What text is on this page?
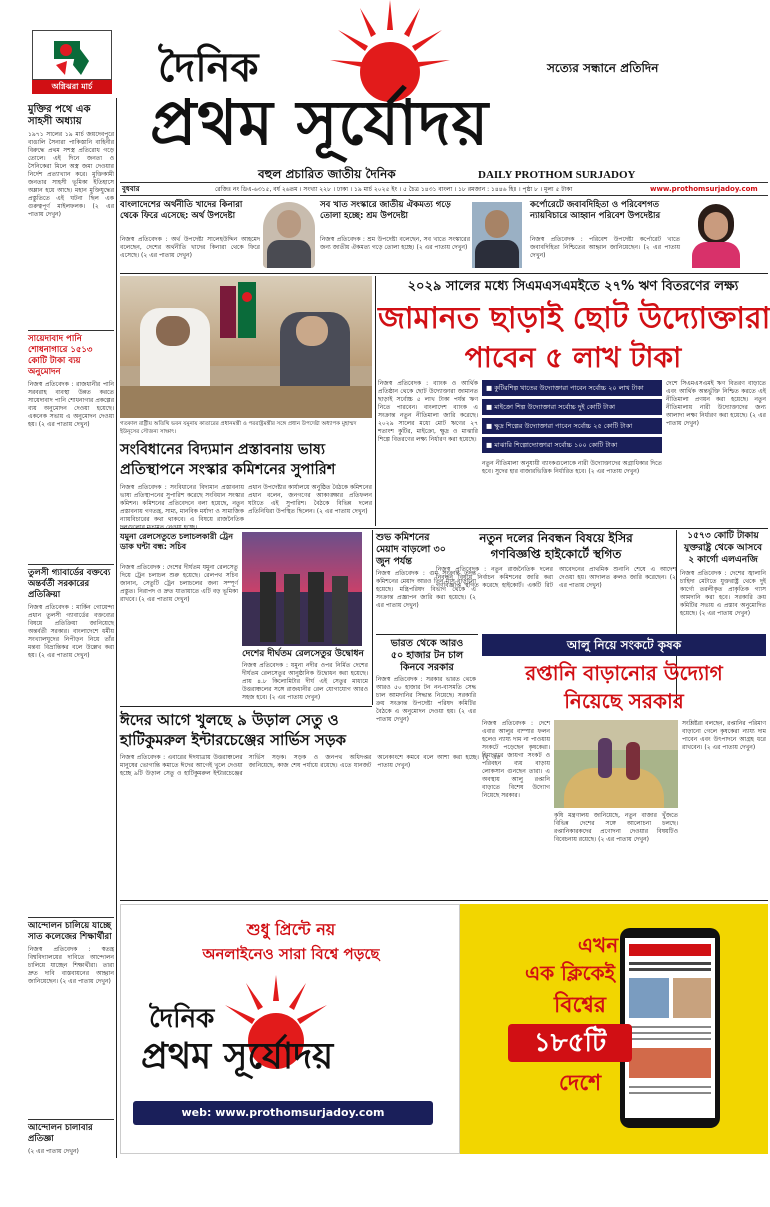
অগ্নিঝরা মার্চ	দৈনিক	সত্যের সন্ধানে প্রতিদিন
প্রথম সূর্যোদয়
বহুল প্রচারিত জাতীয় দৈনিক	DAILY PROTHOM SURJADOY
বুধবার	রেজিঃ নং ডিএ-৬৩১৫, বর্ষ ২৬তম । সংখ্যা ২২৮ । ঢাকা । ১৯ মার্চ ২০২৫ ইং । ৫ চৈত্র ১৪৩১ বাংলা । ১৮ রমজান : ১৪৪৬ হিঃ । পৃষ্ঠা ৮ । মূল্য ৫ টাকা	www.prothomsurjadoy.com
মুক্তির পথে এক সাহসী অধ্যায়
১৯৭১ সালের ১৯ মার্চ জয়দেবপুরে বাঙালি সৈন্যরা পাকিস্তানি বাহিনীর বিরুদ্ধে প্রথম সশস্ত্র প্রতিরোধ গড়ে তোলে। এই দিনে জনতা ও সৈনিকেরা মিলে অস্ত্র জমা দেওয়ার নির্দেশ প্রত্যাখ্যান করে। মুক্তিকামী জনতার সাহসী ভূমিকা ইতিহাসে অম্লান হয়ে আছে। মহান মুক্তিযুদ্ধের প্রস্তুতিতে এই ঘটনা ছিল এক গুরুত্বপূর্ণ মাইলফলক। (২ এর পাতায় দেখুন)
সায়েদাবাদ পানি শোধনাগারে ১৫১৩ কোটি টাকা ব্যয় অনুমোদন
নিজস্ব প্রতিবেদক : রাজধানীর পানি সরবরাহ ব্যবস্থা উন্নত করতে সায়েদাবাদ পানি শোধনাগার প্রকল্পের ব্যয় অনুমোদন দেওয়া হয়েছে। একনেক সভায় এ অনুমোদন দেওয়া হয়। (২ এর পাতায় দেখুন)
তুলসী গ্যাবার্ডের বক্তব্যে অন্তর্বর্তী সরকারের প্রতিক্রিয়া
নিজস্ব প্রতিবেদক : মার্কিন গোয়েন্দা প্রধান তুলসী গ্যাবার্ডের বক্তব্যের বিষয়ে প্রতিক্রিয়া জানিয়েছে অন্তর্বর্তী সরকার। বাংলাদেশে ধর্মীয় সংখ্যালঘুদের নিপীড়ন নিয়ে তাঁর মন্তব্য বিভ্রান্তিকর বলে উল্লেখ করা হয়। (২ এর পাতায় দেখুন)
আন্দোলন চালিয়ে যাচ্ছে সাত কলেজের শিক্ষার্থীরা
নিজস্ব প্রতিবেদক : স্বতন্ত্র বিশ্ববিদ্যালয়ের দাবিতে আন্দোলন চালিয়ে যাচ্ছেন শিক্ষার্থীরা। তারা দ্রুত দাবি বাস্তবায়নের আহ্বান জানিয়েছেন। (২ এর পাতায় দেখুন)
আন্দোলন চালাবার প্রতিজ্ঞা
(২ এর পাতায় দেখুন)
বাংলাদেশের অর্থনীতি খাদের কিনারা থেকে ফিরে এসেছে: অর্থ উপদেষ্টা
নিজস্ব প্রতিবেদক : অর্থ উপদেষ্টা সালেহউদ্দিন আহমেদ বলেছেন, দেশের অর্থনীতি খাদের কিনারা থেকে ফিরে এসেছে। (২ এর পাতায় দেখুন)
সব খাত সংস্কারে জাতীয় ঐকমত্য গড়ে তোলা হচ্ছে: শ্রম উপদেষ্টা
নিজস্ব প্রতিবেদক : শ্রম উপদেষ্টা বলেছেন, সব খাতে সংস্কারের জন্য জাতীয় ঐকমত্য গড়ে তোলা হচ্ছে। (২ এর পাতায় দেখুন)
কর্পোরেটে জবাবদিহিতা ও পরিবেশগত ন্যায়বিচারে আহ্বান পরিবেশ উপদেষ্টার
নিজস্ব প্রতিবেদক : পরিবেশ উপদেষ্টা কর্পোরেট খাতে জবাবদিহিতা নিশ্চিতের আহ্বান জানিয়েছেন। (২ এর পাতায় দেখুন)
গতকাল রাষ্ট্রীয় অতিথি ভবন যমুনায় কাতারের প্রধানমন্ত্রী ও পররাষ্ট্রমন্ত্রীর সঙ্গে প্রধান উপদেষ্টা অধ্যাপক মুহাম্মদ ইউনূসের সৌজন্য সাক্ষাৎ।
২০২৯ সালের মধ্যে সিএমএসএমইতে ২৭% ঋণ বিতরণের লক্ষ্য
জামানত ছাড়াই ছোট উদ্যোক্তারা
পাবেন ৫ লাখ টাকা
নিজস্ব প্রতিবেদক : ব্যাংক ও আর্থিক প্রতিষ্ঠান থেকে ছোট উদ্যোক্তারা জামানত ছাড়াই সর্বোচ্চ ৫ লাখ টাকা পর্যন্ত ঋণ নিতে পারবেন। বাংলাদেশ ব্যাংক এ সংক্রান্ত নতুন নীতিমালা জারি করেছে। ২০২৯ সালের মধ্যে মোট ঋণের ২৭ শতাংশ কুটির, মাইক্রো, ক্ষুদ্র ও মাঝারি শিল্পে বিতরণের লক্ষ্য নির্ধারণ করা হয়েছে।
■ কুটিরশিল্প খাতের উদ্যোক্তারা পাবেন সর্বোচ্চ ২০ লাখ টাকা
■ মাইক্রো শিল্প উদ্যোক্তারা সর্বোচ্চ দুই কোটি টাকা
■ ক্ষুদ্র শিল্পের উদ্যোক্তারা পাবেন সর্বোচ্চ ২৫ কোটি টাকা
■ মাঝারি শিল্পোদ্যোক্তারা সর্বোচ্চ ১০০ কোটি টাকা
নতুন নীতিমালা অনুযায়ী ব্যাংকগুলোকে নারী উদ্যোক্তাদের অগ্রাধিকার দিতে হবে। সুদের হার বাজারভিত্তিক নির্ধারিত হবে। (২ এর পাতায় দেখুন)
দেশে সিএমএসএমই ঋণ বিতরণ বাড়াতে এবং আর্থিক অন্তর্ভুক্তি নিশ্চিত করতে এই নীতিমালা প্রণয়ন করা হয়েছে। নতুন নীতিমালায় নারী উদ্যোক্তাদের জন্য আলাদা লক্ষ্য নির্ধারণ করা হয়েছে। (২ এর পাতায় দেখুন)
সংবিধানের বিদ্যমান প্রস্তাবনায় ভাষ্য
প্রতিস্থাপনে সংস্কার কমিশনের সুপারিশ
নিজস্ব প্রতিবেদক : সংবিধানের বিদ্যমান প্রস্তাবনায় ভাষ্য প্রতিস্থাপনের সুপারিশ করেছে সংবিধান সংস্কার কমিশন। কমিশনের প্রতিবেদনে বলা হয়েছে, নতুন প্রস্তাবনায় গণতন্ত্র, সাম্য, মানবিক মর্যাদা ও সামাজিক ন্যায়বিচারের কথা থাকবে। এ বিষয়ে রাজনৈতিক
প্রধান উপদেষ্টার কার্যালয়ে অনুষ্ঠিত বৈঠকে কমিশনের প্রধান বলেন, জনগণের আকাঙ্ক্ষার প্রতিফলন ঘটাতে এই সুপারিশ। বৈঠকে বিভিন্ন দলের প্রতিনিধিরা উপস্থিত ছিলেন। (২ এর পাতায় দেখুন)
যমুনা রেলসেতুতে চলাচলকারী ট্রেন ডাক ঘন্টা বন্ধ: সচিব
নিজস্ব প্রতিবেদক : দেশের দীর্ঘতম যমুনা রেলসেতু দিয়ে ট্রেন চলাচল শুরু হয়েছে। রেলপথ সচিব জানান, সেতুটি ট্রেন চলাচলের জন্য সম্পূর্ণ প্রস্তুত। নিরাপদ ও দ্রুত যাতায়াতে এটি বড় ভূমিকা রাখবে। (২ এর পাতায় দেখুন)
দেশের দীর্ঘতম রেলসেতুর উদ্বোধন
নিজস্ব প্রতিবেদক : যমুনা নদীর ওপর নির্মিত দেশের দীর্ঘতম রেলসেতুর আনুষ্ঠানিক উদ্বোধন করা হয়েছে। প্রায় ৪.৮ কিলোমিটার দীর্ঘ এই সেতুর মাধ্যমে উত্তরাঞ্চলের সঙ্গে রাজধানীর রেল যোগাযোগ আরও সহজ হবে। (২ এর পাতায় দেখুন)
ঈদের আগে খুলছে ৯ উড়াল সেতু ও
হাটিকুমরুল ইন্টারচেঞ্জের সার্ভিস সড়ক
নিজস্ব প্রতিবেদক : এবারের ঈদযাত্রায় উত্তরাঞ্চলের মানুষের ভোগান্তি কমাতে ঈদের আগেই খুলে দেওয়া হচ্ছে ৯টি উড়াল সেতু ও হাটিকুমরুল ইন্টারচেঞ্জের সার্ভিস সড়ক। সড়ক ও জনপথ অধিদপ্তর জানিয়েছে, কাজ শেষ পর্যায়ে রয়েছে। এতে যানজট অনেকাংশে কমবে বলে আশা করা হচ্ছে। (২ এর পাতায় দেখুন)
শুভ কমিশনের
মেয়াদ বাড়লো ৩০
জুন পর্যন্ত
নিজস্ব প্রতিবেদক : গুম সংক্রান্ত তদন্ত কমিশনের মেয়াদ আরও তিন মাস বাড়ানো হয়েছে। মন্ত্রিপরিষদ বিভাগ থেকে এ সংক্রান্ত প্রজ্ঞাপন জারি করা হয়েছে। (২ এর পাতায় দেখুন)
নতুন দলের নিবন্ধন বিষয়ে ইসির
গণবিজ্ঞপ্তি হাইকোর্টে স্থগিত
নিজস্ব প্রতিবেদক : নতুন রাজনৈতিক দলের নিবন্ধন বিষয়ে নির্বাচন কমিশনের জারি করা গণবিজ্ঞপ্তি স্থগিত করেছে হাইকোর্ট। একটি রিট আবেদনের প্রাথমিক শুনানি শেষে এ আদেশ দেওয়া হয়। আদালত রুলও জারি করেছেন। (২ এর পাতায় দেখুন)
১৫৭৩ কোটি টাকায়
যুক্তরাষ্ট্র থেকে আসবে
২ কার্গো এলএনজি
নিজস্ব প্রতিবেদক : দেশের জ্বালানি চাহিদা মেটাতে যুক্তরাষ্ট্র থেকে দুই কার্গো তরলীকৃত প্রাকৃতিক গ্যাস আমদানি করা হবে। সরকারি ক্রয় কমিটির সভায় এ প্রস্তাব অনুমোদিত হয়েছে। (২ এর পাতায় দেখুন)
ভারত থেকে আরও
৫০ হাজার টন চাল
কিনবে সরকার
নিজস্ব প্রতিবেদক : সরকার ভারত থেকে আরও ৫০ হাজার টন নন-বাসমতি সেদ্ধ চাল আমদানির সিদ্ধান্ত নিয়েছে। সরকারি ক্রয় সংক্রান্ত উপদেষ্টা পরিষদ কমিটির বৈঠকে এ অনুমোদন দেওয়া হয়। (২ এর পাতায় দেখুন)
আলু নিয়ে সংকটে কৃষক
রপ্তানি বাড়ানোর উদ্যোগ
নিয়েছে সরকার
নিজস্ব প্রতিবেদক : দেশে এবার আলুর বাম্পার ফলন হলেও ন্যায্য দাম না পাওয়ায় সংকটে পড়েছেন কৃষকেরা। হিমাগারে জায়গা সংকট ও পরিবহন ব্যয় বাড়ায় লোকসান গুনছেন তারা। এ অবস্থায় আলু রপ্তানি বাড়াতে বিশেষ উদ্যোগ নিয়েছে সরকার।
কৃষি মন্ত্রণালয় জানিয়েছে, নতুন বাজার খুঁজতে বিভিন্ন দেশের সঙ্গে আলোচনা চলছে। রপ্তানিকারকদের প্রণোদনা দেওয়ার বিষয়টিও বিবেচনায় রয়েছে। (২ এর পাতায় দেখুন)
সংশ্লিষ্টরা বলছেন, রপ্তানির পরিমাণ বাড়ানো গেলে কৃষকেরা ন্যায্য দাম পাবেন এবং উৎপাদনে আগ্রহ ধরে রাখবেন। (২ এর পাতায় দেখুন)
শুধু প্রিন্টে নয়
অনলাইনেও সারা বিশ্বে পড়ছে
দৈনিক
প্রথম সূর্যোদয়
web: www.prothomsurjadoy.com
এখন
এক ক্লিকেই
বিশ্বের
১৮৫টি
দেশে
